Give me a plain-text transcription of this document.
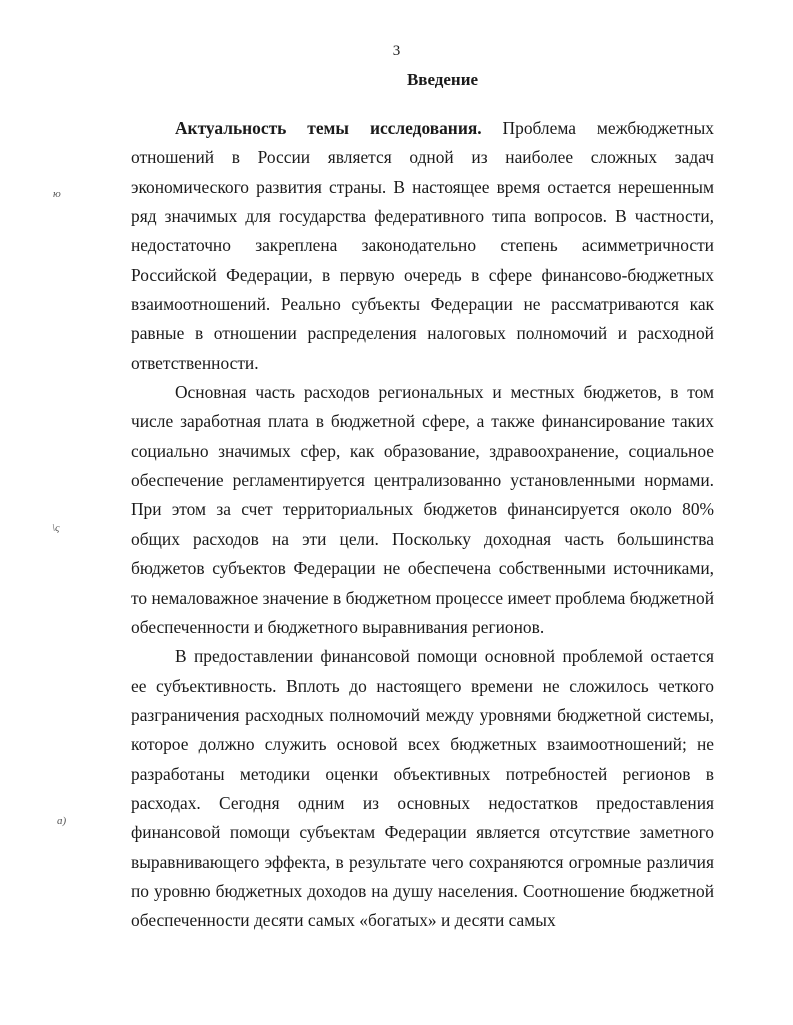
3
Введение
ю
\ς
ɑ)

Актуальность темы исследования. Проблема межбюджетных отношений в России является одной из наиболее сложных задач экономического развития страны. В настоящее время остается нерешенным ряд значимых для государства федеративного типа вопросов. В частности, недостаточно закреплена законодательно степень асимметричности Российской Федерации, в первую очередь в сфере финансово-бюджетных взаимоотношений. Реально субъекты Федерации не рассматриваются как равные в отношении распределения налоговых полномочий и расходной ответственности.

Основная часть расходов региональных и местных бюджетов, в том числе заработная плата в бюджетной сфере, а также финансирование таких социально значимых сфер, как образование, здравоохранение, социальное обеспечение регламентируется централизованно установленными нормами. При этом за счет территориальных бюджетов финансируется около 80% общих расходов на эти цели. Поскольку доходная часть большинства бюджетов субъектов Федерации не обеспечена собственными источниками, то немаловажное значение в бюджетном процессе имеет проблема бюджетной обеспеченности и бюджетного выравнивания регионов.

В предоставлении финансовой помощи основной проблемой остается ее субъективность. Вплоть до настоящего времени не сложилось четкого разграничения расходных полномочий между уровнями бюджетной системы, которое должно служить основой всех бюджетных взаимоотношений; не разработаны методики оценки объективных потребностей регионов в расходах. Сегодня одним из основных недостатков предоставления финансовой помощи субъектам Федерации является отсутствие заметного выравнивающего эффекта, в результате чего сохраняются огромные различия по уровню бюджетных доходов на душу населения. Соотношение бюджетной обеспеченности десяти самых «богатых» и десяти самых
